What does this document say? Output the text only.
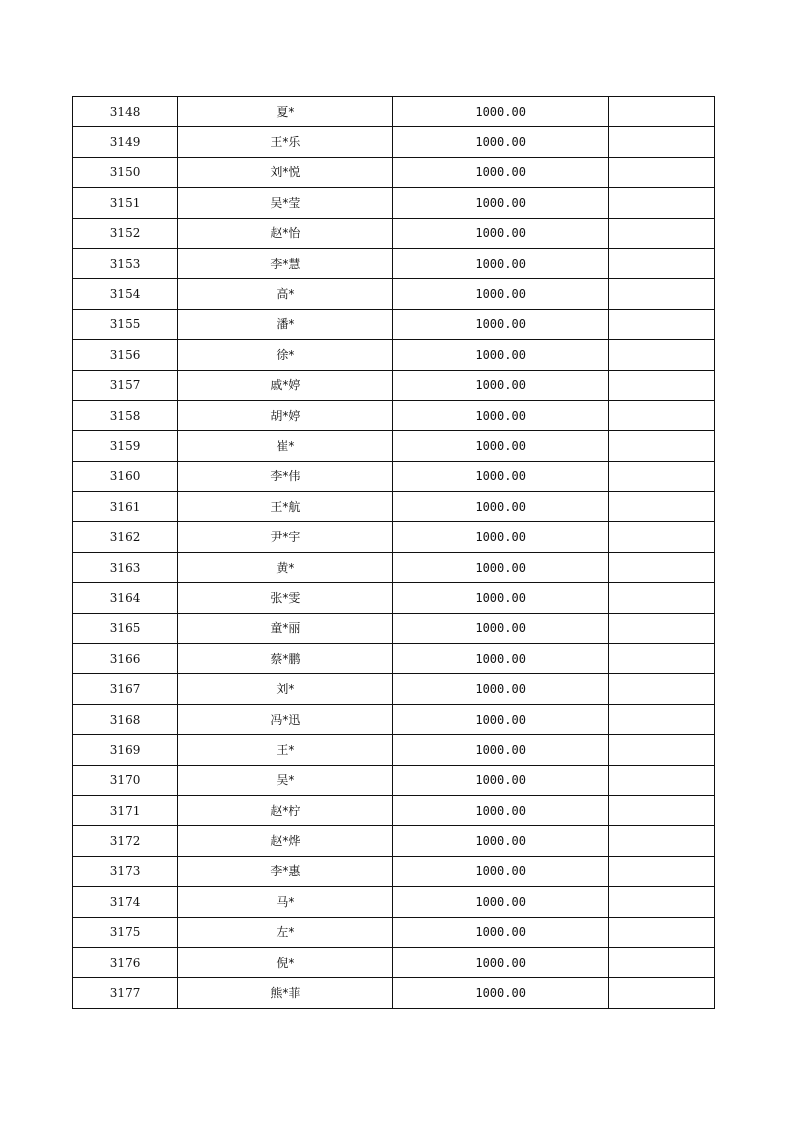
3148	夏*	1000.00	
3149	王*乐	1000.00	
3150	刘*悦	1000.00	
3151	吴*莹	1000.00	
3152	赵*怡	1000.00	
3153	李*慧	1000.00	
3154	高*	1000.00	
3155	潘*	1000.00	
3156	徐*	1000.00	
3157	戚*婷	1000.00	
3158	胡*婷	1000.00	
3159	崔*	1000.00	
3160	李*伟	1000.00	
3161	王*航	1000.00	
3162	尹*宇	1000.00	
3163	黄*	1000.00	
3164	张*雯	1000.00	
3165	童*丽	1000.00	
3166	蔡*鹏	1000.00	
3167	刘*	1000.00	
3168	冯*迅	1000.00	
3169	王*	1000.00	
3170	吴*	1000.00	
3171	赵*柠	1000.00	
3172	赵*烨	1000.00	
3173	李*惠	1000.00	
3174	马*	1000.00	
3175	左*	1000.00	
3176	倪*	1000.00	
3177	熊*菲	1000.00	
